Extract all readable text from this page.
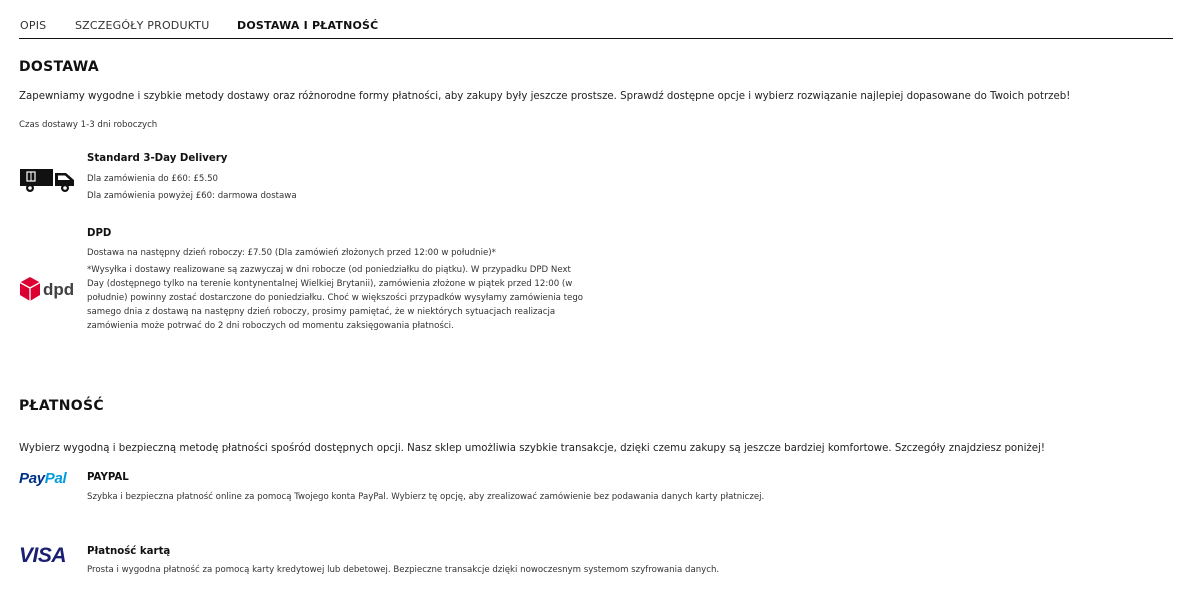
OPIS	SZCZEGÓŁY PRODUKTU	DOSTAWA I PŁATNOŚĆ
DOSTAWA
Zapewniamy wygodne i szybkie metody dostawy oraz różnorodne formy płatności, aby zakupy były jeszcze prostsze. Sprawdź dostępne opcje i wybierz rozwiązanie najlepiej dopasowane do Twoich potrzeb!
Czas dostawy 1-3 dni roboczych
Standard 3-Day Delivery
Dla zamówienia do £60: £5.50
Dla zamówienia powyżej £60: darmowa dostawa
dpd
DPD
Dostawa na następny dzień roboczy: £7.50 (Dla zamówień złożonych przed 12:00 w południe)*
*Wysyłka i dostawy realizowane są zazwyczaj w dni robocze (od poniedziałku do piątku). W przypadku DPD Next Day (dostępnego tylko na terenie kontynentalnej Wielkiej Brytanii), zamówienia złożone w piątek przed 12:00 (w południe) powinny zostać dostarczone do poniedziałku. Choć w większości przypadków wysyłamy zamówienia tego samego dnia z dostawą na następny dzień roboczy, prosimy pamiętać, że w niektórych sytuacjach realizacja zamówienia może potrwać do 2 dni roboczych od momentu zaksięgowania płatności.
PŁATNOŚĆ
Wybierz wygodną i bezpieczną metodę płatności spośród dostępnych opcji. Nasz sklep umożliwia szybkie transakcje, dzięki czemu zakupy są jeszcze bardziej komfortowe. Szczegóły znajdziesz poniżej!
PayPal PAYPAL
Szybka i bezpieczna płatność online za pomocą Twojego konta PayPal. Wybierz tę opcję, aby zrealizować zamówienie bez podawania danych karty płatniczej.
VISA Płatność kartą
Prosta i wygodna płatność za pomocą karty kredytowej lub debetowej. Bezpieczne transakcje dzięki nowoczesnym systemom szyfrowania danych.
